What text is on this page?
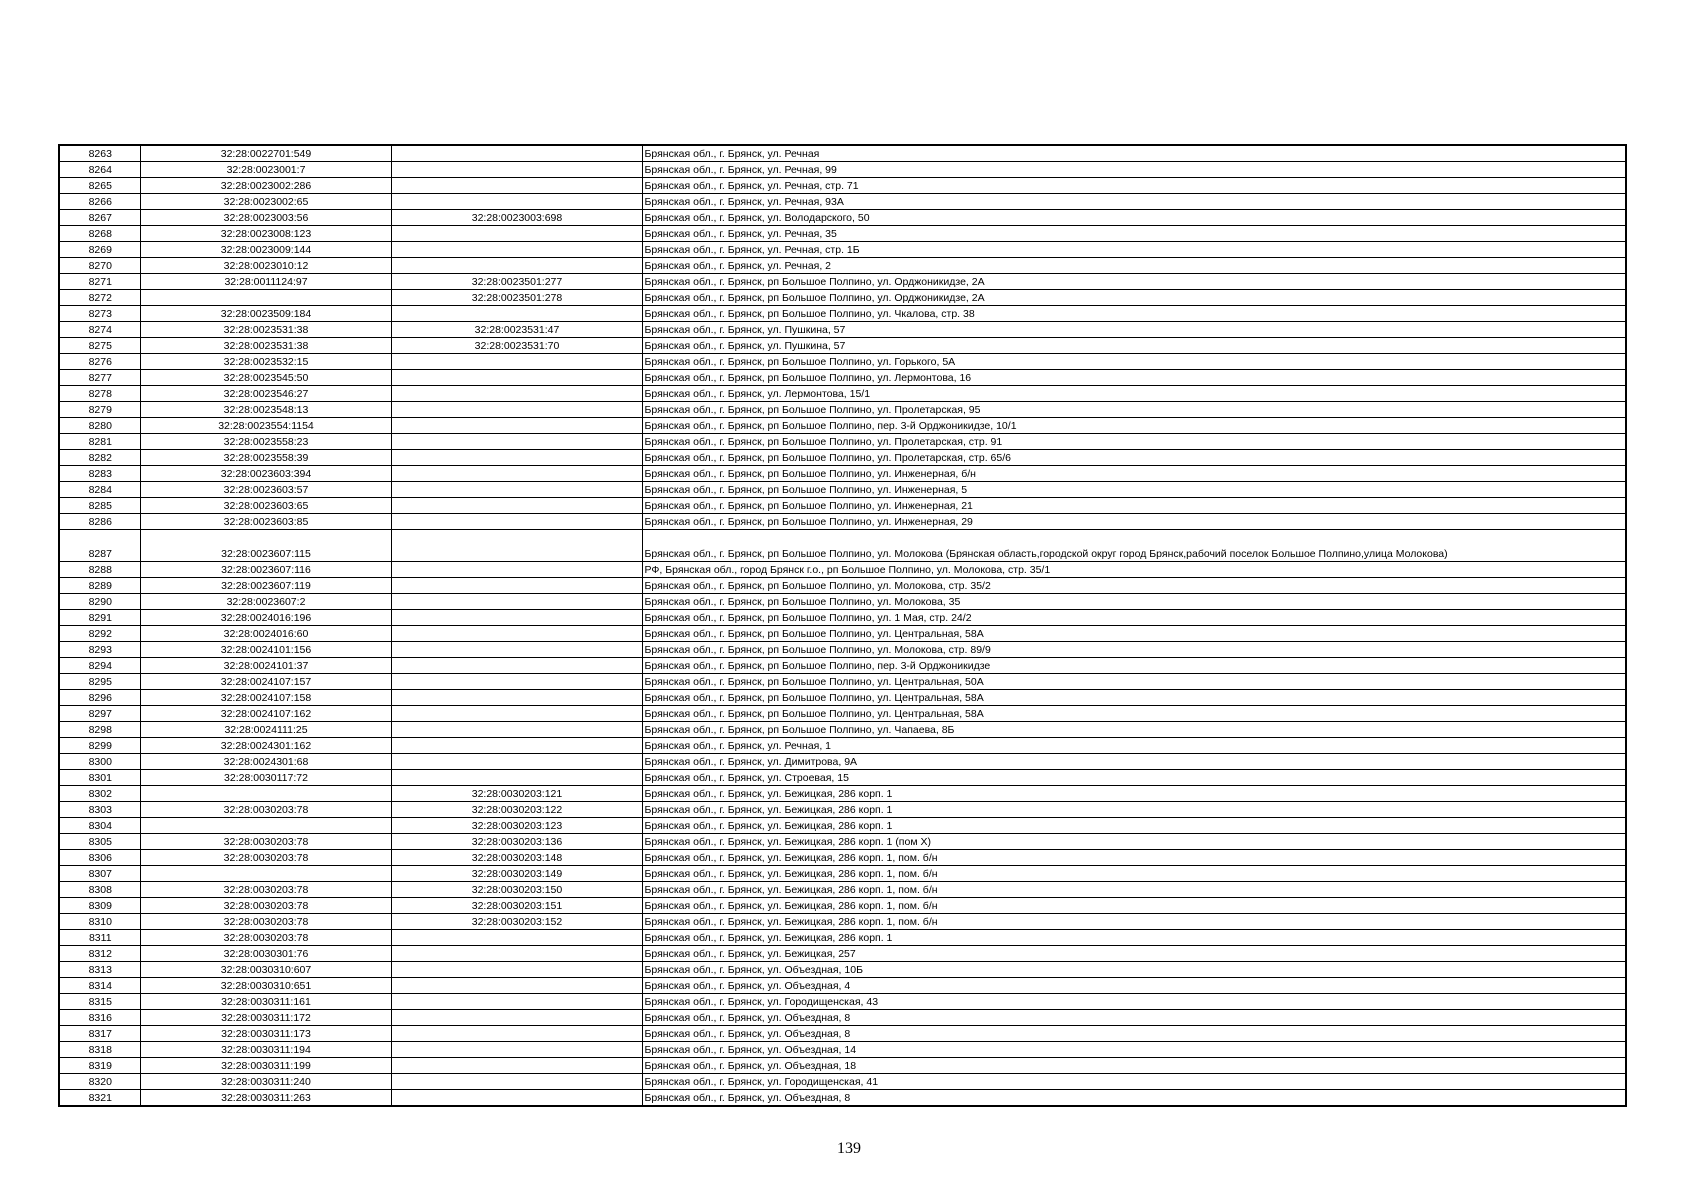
8263	32:28:0022701:549		Брянская обл., г. Брянск, ул. Речная
8264	32:28:0023001:7		Брянская обл., г. Брянск, ул. Речная, 99
8265	32:28:0023002:286		Брянская обл., г. Брянск, ул. Речная, стр. 71
8266	32:28:0023002:65		Брянская обл., г. Брянск, ул. Речная, 93А
8267	32:28:0023003:56	32:28:0023003:698	Брянская обл., г. Брянск, ул. Володарского, 50
8268	32:28:0023008:123		Брянская обл., г. Брянск, ул. Речная, 35
8269	32:28:0023009:144		Брянская обл., г. Брянск, ул. Речная, стр. 1Б
8270	32:28:0023010:12		Брянская обл., г. Брянск, ул. Речная, 2
8271	32:28:0011124:97	32:28:0023501:277	Брянская обл., г. Брянск, рп Большое Полпино, ул. Орджоникидзе, 2А
8272		32:28:0023501:278	Брянская обл., г. Брянск, рп Большое Полпино, ул. Орджоникидзе, 2А
8273	32:28:0023509:184		Брянская обл., г. Брянск, рп Большое Полпино, ул. Чкалова, стр. 38
8274	32:28:0023531:38	32:28:0023531:47	Брянская обл., г. Брянск, ул. Пушкина, 57
8275	32:28:0023531:38	32:28:0023531:70	Брянская обл., г. Брянск, ул. Пушкина, 57
8276	32:28:0023532:15		Брянская обл., г. Брянск, рп Большое Полпино, ул. Горького, 5А
8277	32:28:0023545:50		Брянская обл., г. Брянск, рп Большое Полпино, ул. Лермонтова, 16
8278	32:28:0023546:27		Брянская обл., г. Брянск, ул. Лермонтова, 15/1
8279	32:28:0023548:13		Брянская обл., г. Брянск, рп Большое Полпино, ул. Пролетарская, 95
8280	32:28:0023554:1154		Брянская обл., г. Брянск, рп Большое Полпино, пер. 3-й Орджоникидзе, 10/1
8281	32:28:0023558:23		Брянская обл., г. Брянск, рп Большое Полпино, ул. Пролетарская, стр. 91
8282	32:28:0023558:39		Брянская обл., г. Брянск, рп Большое Полпино, ул. Пролетарская, стр. 65/6
8283	32:28:0023603:394		Брянская обл., г. Брянск, рп Большое Полпино, ул. Инженерная, б/н
8284	32:28:0023603:57		Брянская обл., г. Брянск, рп Большое Полпино, ул. Инженерная, 5
8285	32:28:0023603:65		Брянская обл., г. Брянск, рп Большое Полпино, ул. Инженерная, 21
8286	32:28:0023603:85		Брянская обл., г. Брянск, рп Большое Полпино, ул. Инженерная, 29
8287	32:28:0023607:115		Брянская обл., г. Брянск, рп Большое Полпино, ул. Молокова (Брянская область,городской округ город Брянск,рабочий поселок Большое Полпино,улица Молокова)
8288	32:28:0023607:116		РФ, Брянская обл., город Брянск г.о., рп Большое Полпино, ул. Молокова, стр. 35/1
8289	32:28:0023607:119		Брянская обл., г. Брянск, рп Большое Полпино, ул. Молокова, стр. 35/2
8290	32:28:0023607:2		Брянская обл., г. Брянск, рп Большое Полпино, ул. Молокова, 35
8291	32:28:0024016:196		Брянская обл., г. Брянск, рп Большое Полпино, ул. 1 Мая, стр. 24/2
8292	32:28:0024016:60		Брянская обл., г. Брянск, рп Большое Полпино, ул. Центральная, 58А
8293	32:28:0024101:156		Брянская обл., г. Брянск, рп Большое Полпино, ул. Молокова, стр. 89/9
8294	32:28:0024101:37		Брянская обл., г. Брянск, рп Большое Полпино, пер. 3-й Орджоникидзе
8295	32:28:0024107:157		Брянская обл., г. Брянск, рп Большое Полпино, ул. Центральная, 50А
8296	32:28:0024107:158		Брянская обл., г. Брянск, рп Большое Полпино, ул. Центральная, 58А
8297	32:28:0024107:162		Брянская обл., г. Брянск, рп Большое Полпино, ул. Центральная, 58А
8298	32:28:0024111:25		Брянская обл., г. Брянск, рп Большое Полпино, ул. Чапаева, 8Б
8299	32:28:0024301:162		Брянская обл., г. Брянск, ул. Речная, 1
8300	32:28:0024301:68		Брянская обл., г. Брянск, ул. Димитрова, 9А
8301	32:28:0030117:72		Брянская обл., г. Брянск, ул. Строевая, 15
8302		32:28:0030203:121	Брянская обл., г. Брянск, ул. Бежицкая, 286 корп. 1
8303	32:28:0030203:78	32:28:0030203:122	Брянская обл., г. Брянск, ул. Бежицкая, 286 корп. 1
8304		32:28:0030203:123	Брянская обл., г. Брянск, ул. Бежицкая, 286 корп. 1
8305	32:28:0030203:78	32:28:0030203:136	Брянская обл., г. Брянск, ул. Бежицкая, 286 корп. 1 (пом X)
8306	32:28:0030203:78	32:28:0030203:148	Брянская обл., г. Брянск, ул. Бежицкая, 286 корп. 1, пом. б/н
8307		32:28:0030203:149	Брянская обл., г. Брянск, ул. Бежицкая, 286 корп. 1, пом. б/н
8308	32:28:0030203:78	32:28:0030203:150	Брянская обл., г. Брянск, ул. Бежицкая, 286 корп. 1, пом. б/н
8309	32:28:0030203:78	32:28:0030203:151	Брянская обл., г. Брянск, ул. Бежицкая, 286 корп. 1, пом. б/н
8310	32:28:0030203:78	32:28:0030203:152	Брянская обл., г. Брянск, ул. Бежицкая, 286 корп. 1, пом. б/н
8311	32:28:0030203:78		Брянская обл., г. Брянск, ул. Бежицкая, 286 корп. 1
8312	32:28:0030301:76		Брянская обл., г. Брянск, ул. Бежицкая, 257
8313	32:28:0030310:607		Брянская обл., г. Брянск, ул. Объездная, 10Б
8314	32:28:0030310:651		Брянская обл., г. Брянск, ул. Объездная, 4
8315	32:28:0030311:161		Брянская обл., г. Брянск, ул. Городищенская, 43
8316	32:28:0030311:172		Брянская обл., г. Брянск, ул. Объездная, 8
8317	32:28:0030311:173		Брянская обл., г. Брянск, ул. Объездная, 8
8318	32:28:0030311:194		Брянская обл., г. Брянск, ул. Объездная, 14
8319	32:28:0030311:199		Брянская обл., г. Брянск, ул. Объездная, 18
8320	32:28:0030311:240		Брянская обл., г. Брянск, ул. Городищенская, 41
8321	32:28:0030311:263		Брянская обл., г. Брянск, ул. Объездная, 8
139
